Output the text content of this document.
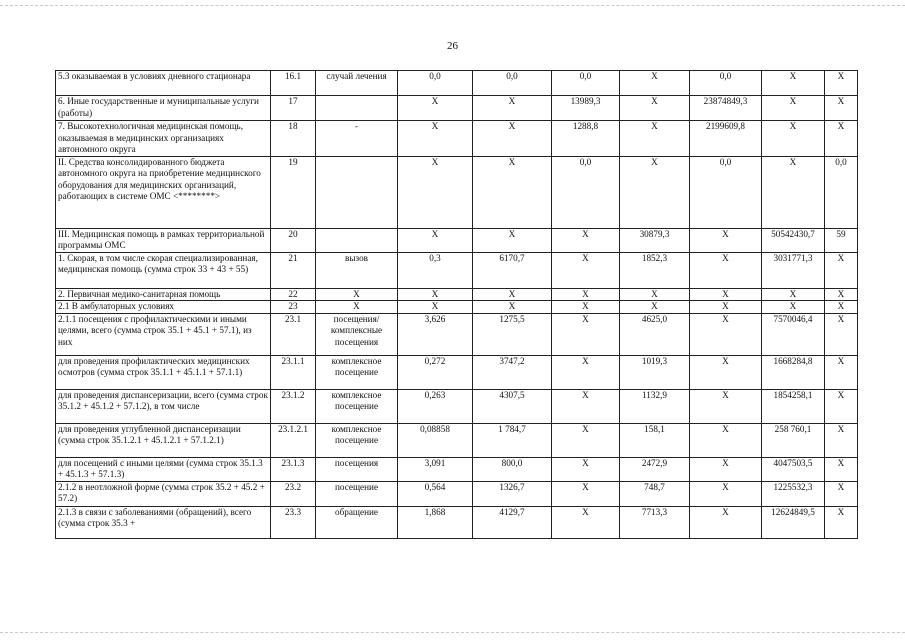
26
5.3 оказываемая в условиях дневного стационара	16.1	случай лечения	0,0	0,0	0,0	X	0,0	X	X
6. Иные государственные и муниципальные услуги (работы)	17		X	X	13989,3	X	23874849,3	X	X
7. Высокотехнологичная медицинская помощь, оказываемая в медицинских организациях автономного округа	18	-	X	X	1288,8	X	2199609,8	X	X
II. Средства консолидированного бюджета автономного округа на приобретение медицинского оборудования для медицинских организаций, работающих в системе ОМС <********>	19		X	X	0,0	X	0,0	X	0,0
III. Медицинская помощь в рамках территориальной программы ОМС	20		X	X	X	30879,3	X	50542430,7	59
1. Скорая, в том числе скорая специализированная, медицинская помощь (сумма строк 33 + 43 + 55)	21	вызов	0,3	6170,7	X	1852,3	X	3031771,3	X
2. Первичная медико-санитарная помощь	22	X	X	X	X	X	X	X	X
2.1 В амбулаторных условиях	23	X	X	X	X	X	X	X	X
2.1.1 посещения с профилактическими и иными целями, всего (сумма строк 35.1 + 45.1 + 57.1), из них	23.1	посещения/комплексные посещения	3,626	1275,5	X	4625,0	X	7570046,4	X
для проведения профилактических медицинских осмотров (сумма строк 35.1.1 + 45.1.1 + 57.1.1)	23.1.1	комплексное посещение	0,272	3747,2	X	1019,3	X	1668284,8	X
для проведения диспансеризации, всего (сумма строк 35.1.2 + 45.1.2 + 57.1.2), в том числе	23.1.2	комплексное посещение	0,263	4307,5	X	1132,9	X	1854258,1	X
для проведения углубленной диспансеризации (сумма строк 35.1.2.1 + 45.1.2.1 + 57.1.2.1)	23.1.2.1	комплексное посещение	0,08858	1 784,7	X	158,1	X	258 760,1	X
для посещений с иными целями (сумма строк 35.1.3 + 45.1.3 + 57.1.3)	23.1.3	посещения	3,091	800,0	X	2472,9	X	4047503,5	X
2.1.2 в неотложной форме (сумма строк 35.2 + 45.2 + 57.2)	23.2	посещение	0,564	1326,7	X	748,7	X	1225532,3	X
2.1.3 в связи с заболеваниями (обращений), всего (сумма строк 35.3 +	23.3	обращение	1,868	4129,7	X	7713,3	X	12624849,5	X
